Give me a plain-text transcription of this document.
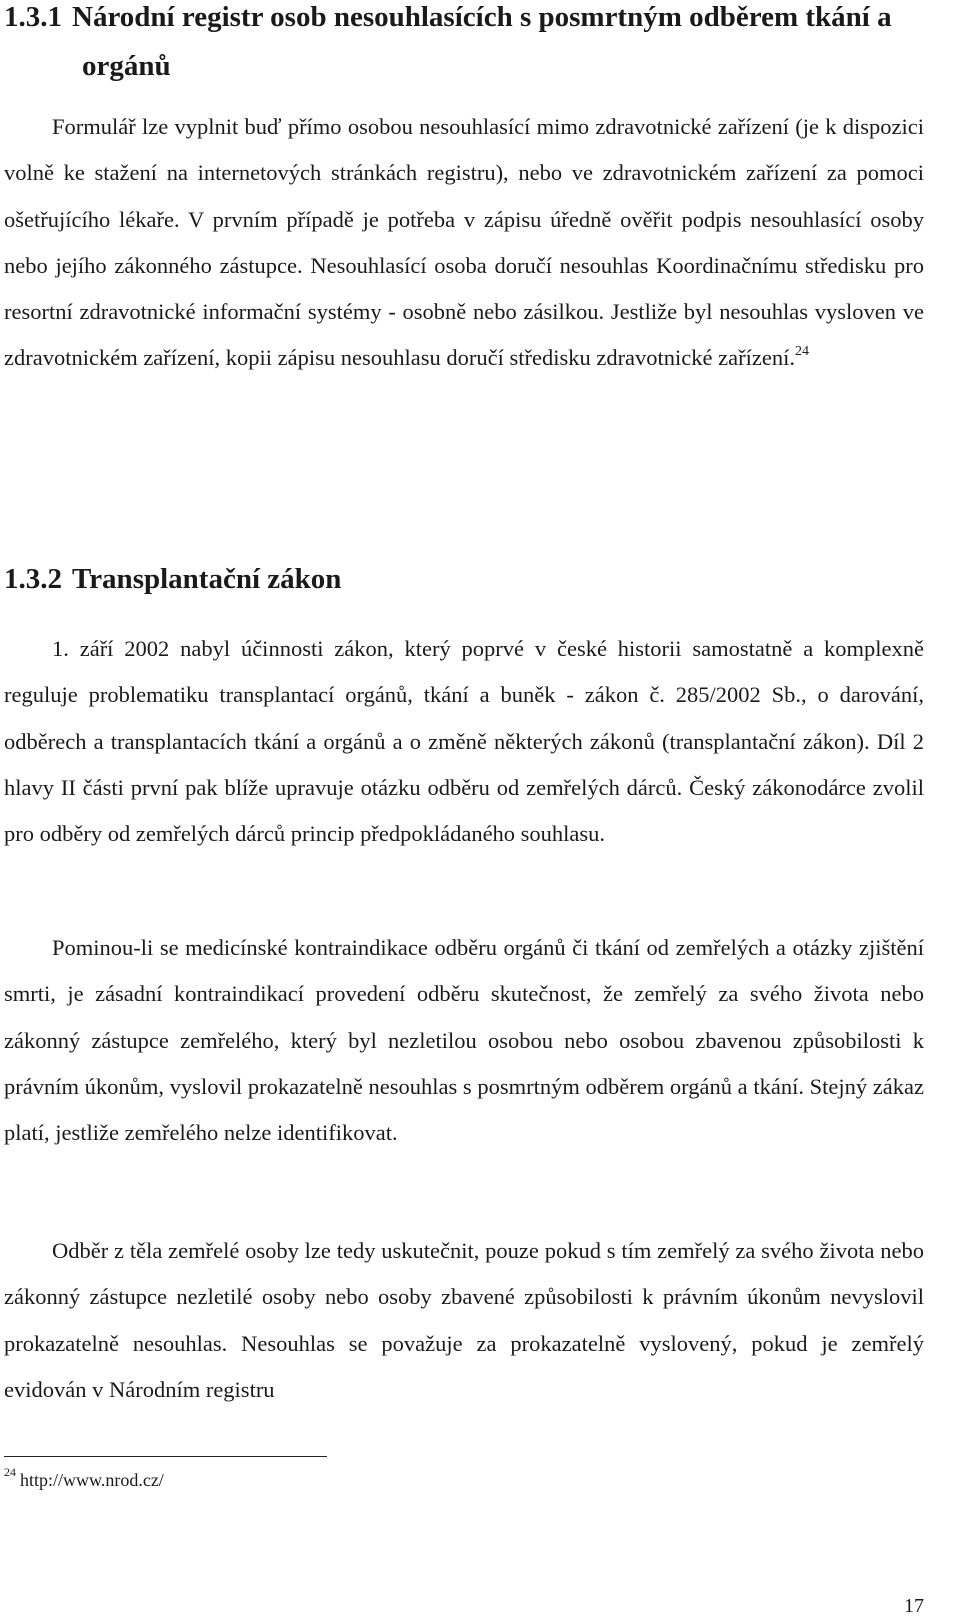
1.3.1 Národní registr osob nesouhlasících s posmrtným odběrem tkání a
orgánů

Formulář lze vyplnit buď přímo osobou nesouhlasící mimo zdravotnické zařízení (je k dispozici volně ke stažení na internetových stránkách registru), nebo ve zdravotnickém zařízení za pomoci ošetřujícího lékaře. V prvním případě je potřeba v zápisu úředně ověřit podpis nesouhlasící osoby nebo jejího zákonného zástupce. Nesouhlasící osoba doručí nesouhlas Koordinačnímu středisku pro resortní zdravotnické informační systémy - osobně nebo zásilkou. Jestliže byl nesouhlas vysloven ve zdravotnickém zařízení, kopii zápisu nesouhlasu doručí středisku zdravotnické zařízení.$^{24}$

1.3.2 Transplantační zákon

1. září 2002 nabyl účinnosti zákon, který poprvé v české historii samostatně a komplexně reguluje problematiku transplantací orgánů, tkání a buněk - zákon č. 285/2002 Sb., o darování, odběrech a transplantacích tkání a orgánů a o změně některých zákonů (transplantační zákon). Díl 2 hlavy II části první pak blíže upravuje otázku odběru od zemřelých dárců. Český zákonodárce zvolil pro odběry od zemřelých dárců princip předpokládaného souhlasu.

Pominou-li se medicínské kontraindikace odběru orgánů či tkání od zemřelých a otázky zjištění smrti, je zásadní kontraindikací provedení odběru skutečnost, že zemřelý za svého života nebo zákonný zástupce zemřelého, který byl nezletilou osobou nebo osobou zbavenou způsobilosti k právním úkonům, vyslovil prokazatelně nesouhlas s posmrtným odběrem orgánů a tkání. Stejný zákaz platí, jestliže zemřelého nelze identifikovat.

Odběr z těla zemřelé osoby lze tedy uskutečnit, pouze pokud s tím zemřelý za svého života nebo zákonný zástupce nezletilé osoby nebo osoby zbavené způsobilosti k právním úkonům nevyslovil prokazatelně nesouhlas. Nesouhlas se považuje za prokazatelně vyslovený, pokud je zemřelý evidován v Národním registru

$^{24}$ http://www.nrod.cz/

17
